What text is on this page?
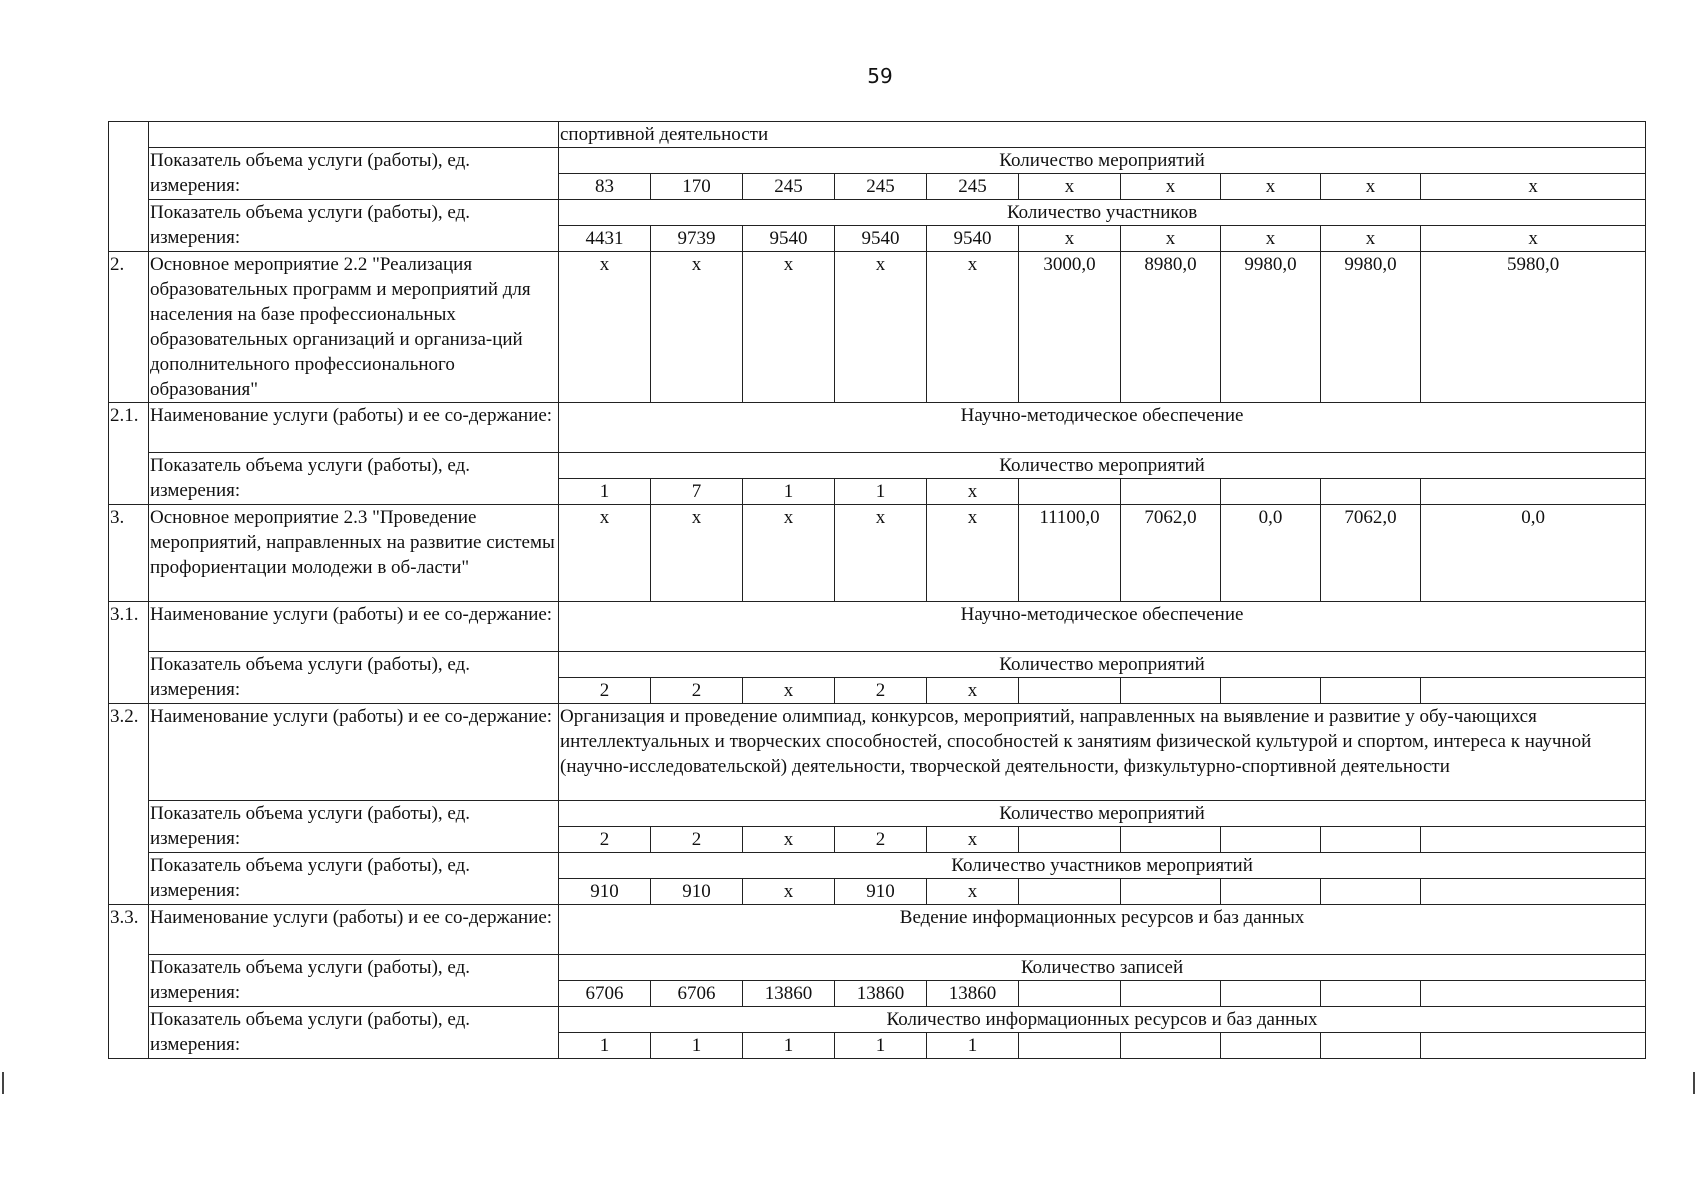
59
		спортивной деятельности									
	Показатель объема услуги (работы), ед. измерения:	Количество мероприятий									
		83	170	245	245	245	х	х	х	х	х
	Показатель объема услуги (работы), ед. измерения:	Количество участников									
		4431	9739	9540	9540	9540	х	х	х	х	х
2.	Основное мероприятие 2.2 "Реализация образовательных программ и мероприятий для населения на базе профессиональных образовательных организаций и организа-ций дополнительного профессионального образования"	х	х	х	х	х	3000,0	8980,0	9980,0	9980,0	5980,0
2.1.	Наименование услуги (работы) и ее со-держание:	Научно-методическое обеспечение									
	Показатель объема услуги (работы), ед. измерения:	Количество мероприятий									
		1	7	1	1	х					
3.	Основное мероприятие 2.3 "Проведение мероприятий, направленных на развитие системы профориентации молодежи в об-ласти"	х	х	х	х	х	11100,0	7062,0	0,0	7062,0	0,0
3.1.	Наименование услуги (работы) и ее со-держание:	Научно-методическое обеспечение									
	Показатель объема услуги (работы), ед. измерения:	Количество мероприятий									
		2	2	х	2	х					
3.2.	Наименование услуги (работы) и ее со-держание:	Организация и проведение олимпиад, конкурсов, мероприятий, направленных на выявление и развитие у обу-чающихся интеллектуальных и творческих способностей, способностей к занятиям физической культурой и спортом, интереса к научной (научно-исследовательской) деятельности, творческой деятельности, физкультурно-спортивной деятельности									
	Показатель объема услуги (работы), ед. измерения:	Количество мероприятий									
		2	2	х	2	х					
	Показатель объема услуги (работы), ед. измерения:	Количество участников мероприятий									
		910	910	х	910	х					
3.3.	Наименование услуги (работы) и ее со-держание:	Ведение информационных ресурсов и баз данных									
	Показатель объема услуги (работы), ед. измерения:	Количество записей									
		6706	6706	13860	13860	13860					
	Показатель объема услуги (работы), ед. измерения:	Количество информационных ресурсов и баз данных									
		1	1	1	1	1					
